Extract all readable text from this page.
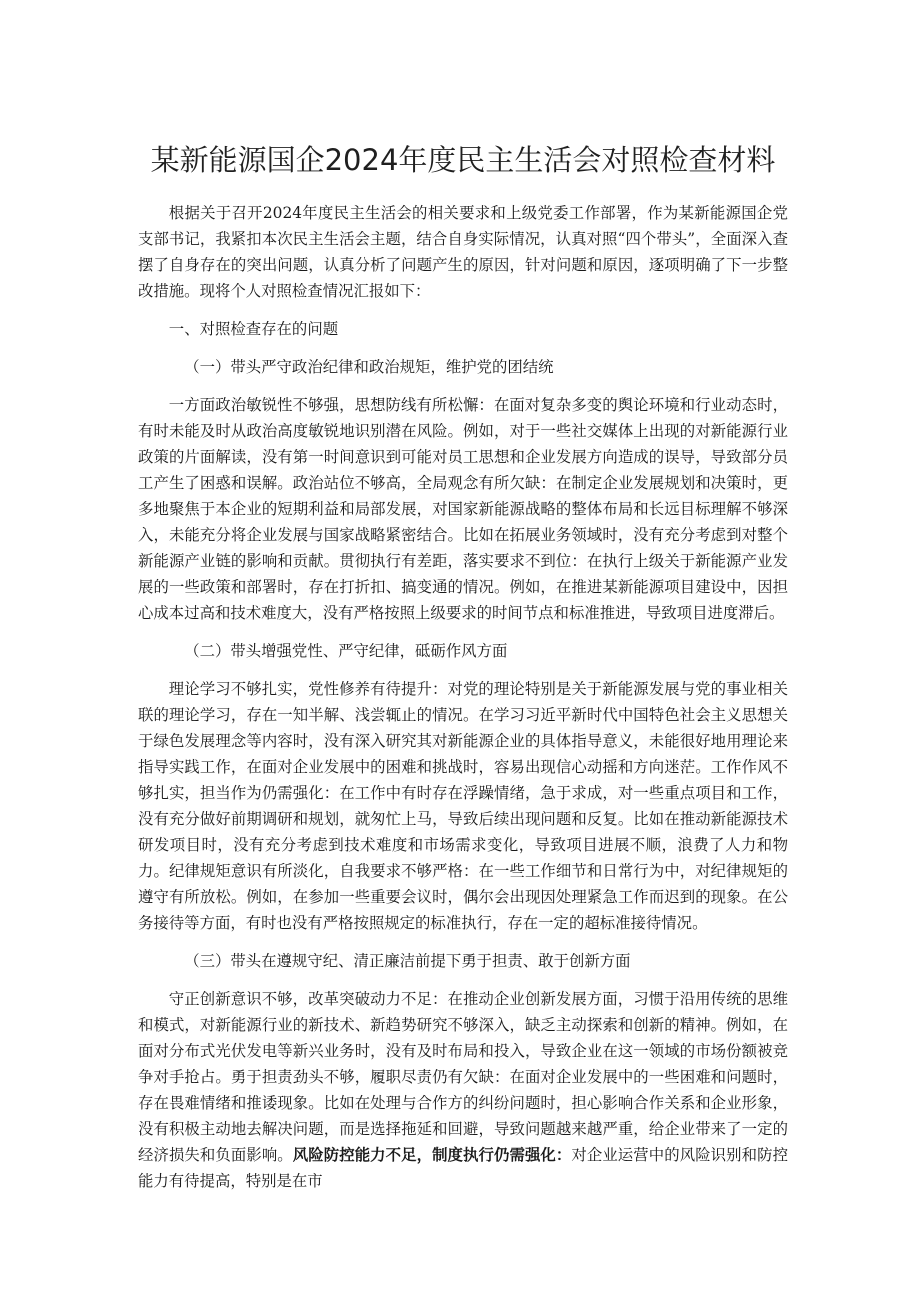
某新能源国企2024年度民主生活会对照检查材料

根据关于召开2024年度民主生活会的相关要求和上级党委工作部署，作为某新能源国企党支部书记，我紧扣本次民主生活会主题，结合自身实际情况，认真对照“四个带头”，全面深入查摆了自身存在的突出问题，认真分析了问题产生的原因，针对问题和原因，逐项明确了下一步整改措施。现将个人对照检查情况汇报如下：

一、对照检查存在的问题

（一）带头严守政治纪律和政治规矩，维护党的团结统

一方面政治敏锐性不够强，思想防线有所松懈：在面对复杂多变的舆论环境和行业动态时，有时未能及时从政治高度敏锐地识别潜在风险。例如，对于一些社交媒体上出现的对新能源行业政策的片面解读，没有第一时间意识到可能对员工思想和企业发展方向造成的误导，导致部分员工产生了困惑和误解。政治站位不够高，全局观念有所欠缺：在制定企业发展规划和决策时，更多地聚焦于本企业的短期利益和局部发展，对国家新能源战略的整体布局和长远目标理解不够深入，未能充分将企业发展与国家战略紧密结合。比如在拓展业务领域时，没有充分考虑到对整个新能源产业链的影响和贡献。贯彻执行有差距，落实要求不到位：在执行上级关于新能源产业发展的一些政策和部署时，存在打折扣、搞变通的情况。例如，在推进某新能源项目建设中，因担心成本过高和技术难度大，没有严格按照上级要求的时间节点和标准推进，导致项目进度滞后。

（二）带头增强党性、严守纪律，砥砺作风方面

理论学习不够扎实，党性修养有待提升：对党的理论特别是关于新能源发展与党的事业相关联的理论学习，存在一知半解、浅尝辄止的情况。在学习习近平新时代中国特色社会主义思想关于绿色发展理念等内容时，没有深入研究其对新能源企业的具体指导意义，未能很好地用理论来指导实践工作，在面对企业发展中的困难和挑战时，容易出现信心动摇和方向迷茫。工作作风不够扎实，担当作为仍需强化：在工作中有时存在浮躁情绪，急于求成，对一些重点项目和工作，没有充分做好前期调研和规划，就匆忙上马，导致后续出现问题和反复。比如在推动新能源技术研发项目时，没有充分考虑到技术难度和市场需求变化，导致项目进展不顺，浪费了人力和物力。纪律规矩意识有所淡化，自我要求不够严格：在一些工作细节和日常行为中，对纪律规矩的遵守有所放松。例如，在参加一些重要会议时，偶尔会出现因处理紧急工作而迟到的现象。在公务接待等方面，有时也没有严格按照规定的标准执行，存在一定的超标准接待情况。

（三）带头在遵规守纪、清正廉洁前提下勇于担责、敢于创新方面

守正创新意识不够，改革突破动力不足：在推动企业创新发展方面，习惯于沿用传统的思维和模式，对新能源行业的新技术、新趋势研究不够深入，缺乏主动探索和创新的精神。例如，在面对分布式光伏发电等新兴业务时，没有及时布局和投入，导致企业在这一领域的市场份额被竞争对手抢占。勇于担责劲头不够，履职尽责仍有欠缺：在面对企业发展中的一些困难和问题时，存在畏难情绪和推诿现象。比如在处理与合作方的纠纷问题时，担心影响合作关系和企业形象，没有积极主动地去解决问题，而是选择拖延和回避，导致问题越来越严重，给企业带来了一定的经济损失和负面影响。风险防控能力不足，制度执行仍需强化：对企业运营中的风险识别和防控能力有待提高，特别是在市
